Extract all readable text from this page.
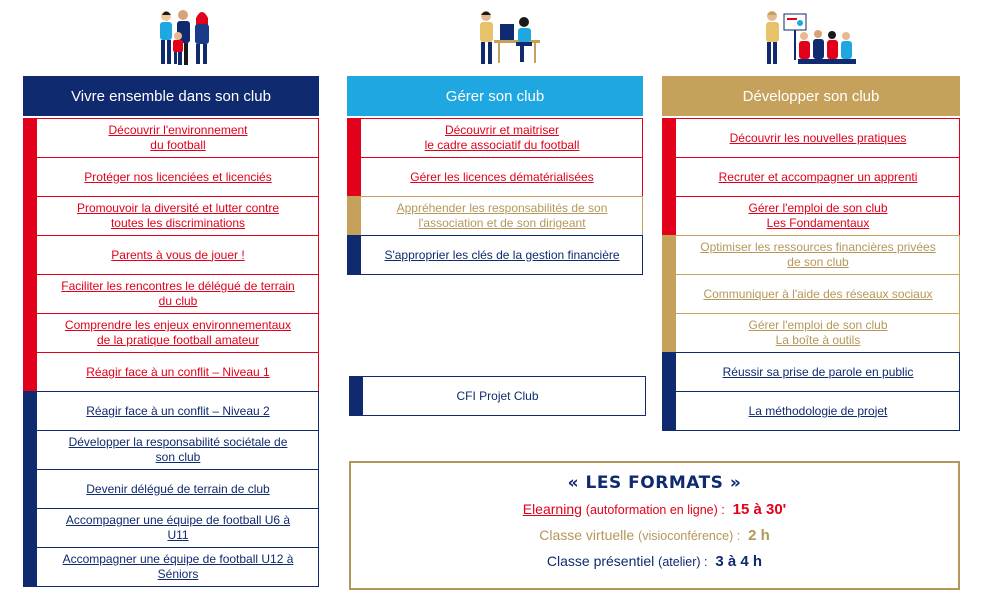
Vivre ensemble dans son club
Découvrir l'environnement
du football
Protéger nos licenciées et licenciés
Promouvoir la diversité et lutter contre
toutes les discriminations
Parents à vous de jouer !
Faciliter les rencontres le délégué de terrain
du club
Comprendre les enjeux environnementaux
de la pratique football amateur
Réagir face à un conflit – Niveau 1
Réagir face à un conflit – Niveau 2
Développer la responsabilité sociétale de
son club
Devenir délégué de terrain de club
Accompagner une équipe de football U6 à
U11
Accompagner une équipe de football U12 à
Séniors
Gérer son club
Découvrir et maitriser
le cadre associatif du football
Gérer les licences dématérialisées
Appréhender les responsabilités de son
l'association et de son dirigeant
S'approprier les clés de la gestion financière
Développer son club
Découvrir les nouvelles pratiques
Recruter et accompagner un apprenti
Gérer l'emploi de son club
Les Fondamentaux
Optimiser les ressources financières privées
de son club
Communiquer à l'aide des réseaux sociaux
Gérer l'emploi de son club
La boîte à outils
Réussir sa prise de parole en public
La méthodologie de projet
CFI Projet Club
« LES FORMATS »
Elearning (autoformation en ligne) : 15 à 30'
Classe virtuelle (visioconférence) : 2 h
Classe présentiel (atelier) : 3 à 4 h
